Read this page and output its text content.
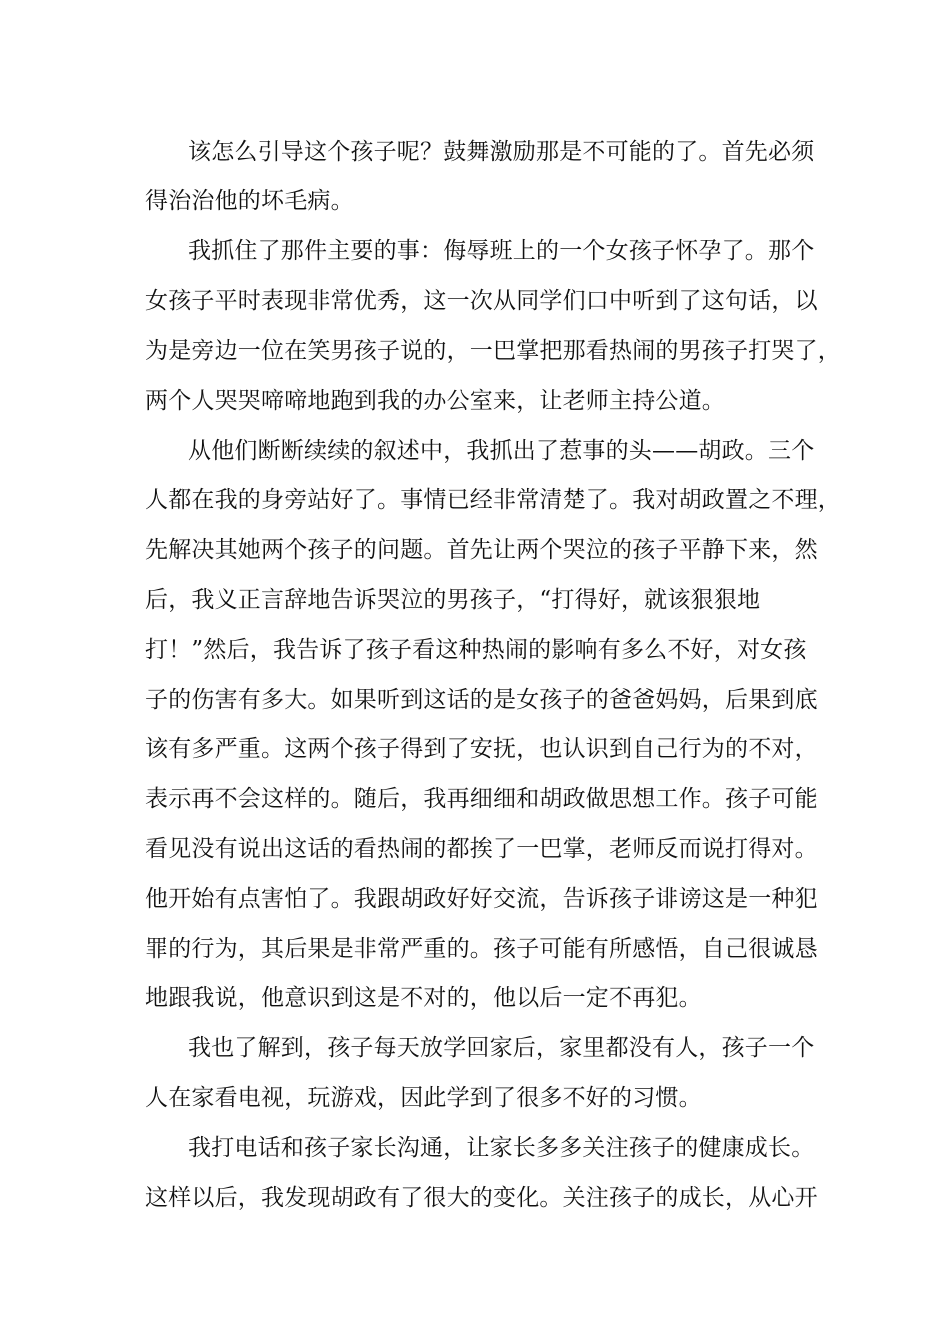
该怎么引导这个孩子呢？鼓舞激励那是不可能的了。首先必须
得治治他的坏毛病。
我抓住了那件主要的事：侮辱班上的一个女孩子怀孕了。那个
女孩子平时表现非常优秀，这一次从同学们口中听到了这句话，以
为是旁边一位在笑男孩子说的，一巴掌把那看热闹的男孩子打哭了，
两个人哭哭啼啼地跑到我的办公室来，让老师主持公道。
从他们断断续续的叙述中，我抓出了惹事的头——胡政。三个
人都在我的身旁站好了。事情已经非常清楚了。我对胡政置之不理，
先解决其她两个孩子的问题。首先让两个哭泣的孩子平静下来，然
后，我义正言辞地告诉哭泣的男孩子，“打得好，就该狠狠地
打！”然后，我告诉了孩子看这种热闹的影响有多么不好，对女孩
子的伤害有多大。如果听到这话的是女孩子的爸爸妈妈，后果到底
该有多严重。这两个孩子得到了安抚，也认识到自己行为的不对，
表示再不会这样的。随后，我再细细和胡政做思想工作。孩子可能
看见没有说出这话的看热闹的都挨了一巴掌，老师反而说打得对。
他开始有点害怕了。我跟胡政好好交流，告诉孩子诽谤这是一种犯
罪的行为，其后果是非常严重的。孩子可能有所感悟，自己很诚恳
地跟我说，他意识到这是不对的，他以后一定不再犯。
我也了解到，孩子每天放学回家后，家里都没有人，孩子一个
人在家看电视，玩游戏，因此学到了很多不好的习惯。
我打电话和孩子家长沟通，让家长多多关注孩子的健康成长。
这样以后，我发现胡政有了很大的变化。关注孩子的成长，从心开
